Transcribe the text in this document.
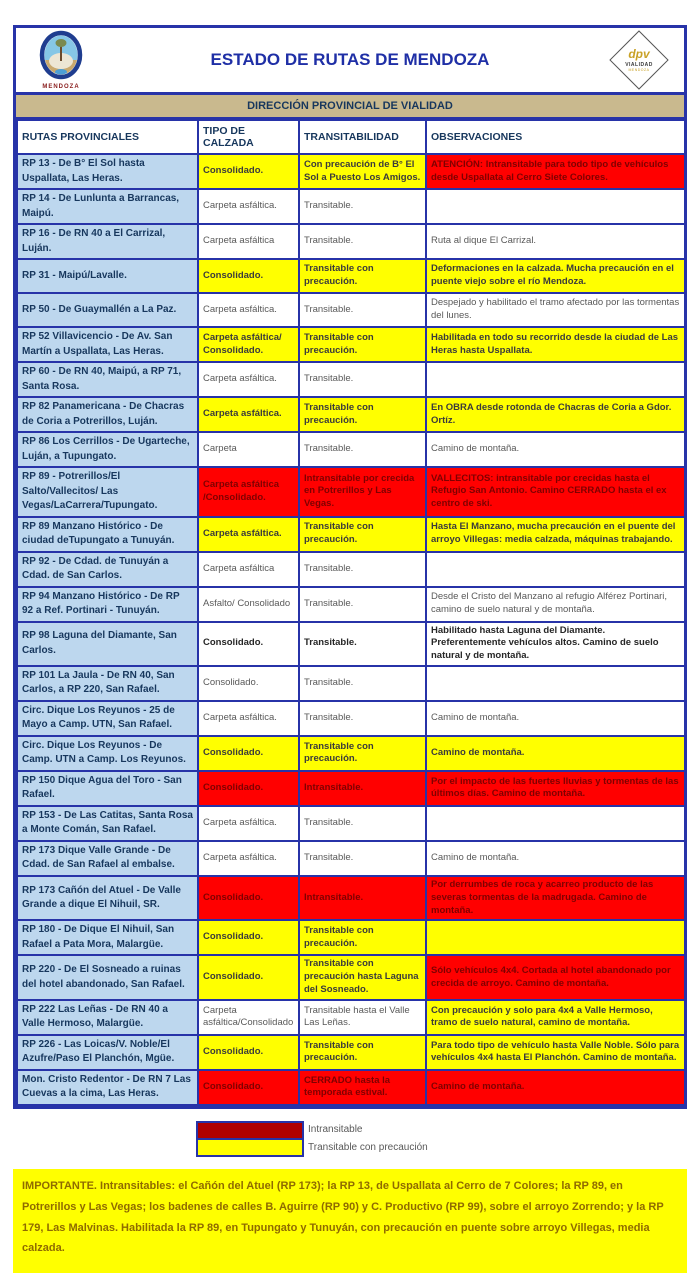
MENDOZA
ESTADO DE RUTAS DE MENDOZA	dpv
VIALIDAD
MENDOZA
DIRECCIÓN PROVINCIAL DE VIALIDAD
RUTAS PROVINCIALES	TIPO DE CALZADA	TRANSITABILIDAD	OBSERVACIONES
RP 13 - De B° El Sol hasta Uspallata, Las Heras.	Consolidado.	Con precaución de B° El Sol a Puesto Los Amigos.	ATENCIÓN: Intransitable para todo tipo de vehículos desde Uspallata al Cerro Siete Colores.
RP 14 - De Lunlunta a Barrancas, Maipú.	Carpeta asfáltica.	Transitable.	
RP 16 - De RN 40 a El Carrizal, Luján.	Carpeta asfáltica	Transitable.	Ruta al dique El Carrizal.
RP 31 - Maipú/Lavalle.	Consolidado.	Transitable con precaución.	Deformaciones en la calzada. Mucha precaución en el puente viejo sobre el río Mendoza.
RP 50 - De Guaymallén a La Paz.	Carpeta asfáltica.	Transitable.	Despejado y habilitado el tramo afectado por las tormentas del lunes.
RP 52 Villavicencio - De Av. San Martín a Uspallata, Las Heras.	Carpeta asfáltica/ Consolidado.	Transitable con precaución.	Habilitada en todo su recorrido desde la ciudad de Las Heras hasta Uspallata.
RP 60 - De RN 40, Maipú, a RP 71, Santa Rosa.	Carpeta asfáltica.	Transitable.	
RP 82 Panamericana - De Chacras de Coria a Potrerillos, Luján.	Carpeta asfáltica.	Transitable con precaución.	En OBRA desde rotonda de Chacras de Coria a Gdor. Ortíz.
RP 86 Los Cerrillos - De Ugarteche, Luján, a Tupungato.	Carpeta	Transitable.	Camino de montaña.
RP 89 - Potrerillos/El Salto/Vallecitos/ Las Vegas/LaCarrera/Tupungato.	Carpeta asfáltica /Consolidado.	Intransitable por crecida en Potrerillos y Las Vegas.	VALLECITOS: intransitable por crecidas hasta el Refugio San Antonio. Camino CERRADO hasta el ex centro de ski.
RP 89 Manzano Histórico - De ciudad deTupungato a Tunuyán.	Carpeta asfáltica.	Transitable con precaución.	Hasta El Manzano, mucha precaución en el puente del arroyo Villegas: media calzada, máquinas trabajando.
RP 92 - De Cdad. de Tunuyán a Cdad. de San Carlos.	Carpeta asfáltica	Transitable.	
RP 94 Manzano Histórico - De RP 92 a Ref. Portinari - Tunuyán.	Asfalto/ Consolidado	Transitable.	Desde el Cristo del Manzano al refugio Alférez Portinari, camino de suelo natural y de montaña.
RP 98 Laguna del Diamante, San Carlos.	Consolidado.	Transitable.	Habilitado hasta Laguna del Diamante. Preferentemente vehículos altos. Camino de suelo natural y de montaña.
RP 101 La Jaula - De RN 40, San Carlos, a RP 220, San Rafael.	Consolidado.	Transitable.	
Circ. Dique Los Reyunos - 25 de Mayo a Camp. UTN, San Rafael.	Carpeta asfáltica.	Transitable.	Camino de montaña.
Circ. Dique Los Reyunos - De Camp. UTN a Camp. Los Reyunos.	Consolidado.	Transitable con precaución.	Camino de montaña.
RP 150 Dique Agua del Toro - San Rafael.	Consolidado.	Intransitable.	Por el impacto de las fuertes lluvias y tormentas de las últimos días. Camino de montaña.
RP 153 - De Las Catitas, Santa Rosa a Monte Comán, San Rafael.	Carpeta asfáltica.	Transitable.	
RP 173 Dique Valle Grande - De Cdad. de San Rafael al embalse.	Carpeta asfáltica.	Transitable.	Camino de montaña.
RP 173 Cañón del Atuel - De Valle Grande a dique El Nihuil, SR.	Consolidado.	Intransitable.	Por derrumbes de roca y acarreo producto de las severas tormentas de la madrugada. Camino de montaña.
RP 180 - De Dique El Nihuil, San Rafael a Pata Mora, Malargüe.	Consolidado.	Transitable con precaución.	
RP 220 - De El Sosneado a ruinas del hotel abandonado, San Rafael.	Consolidado.	Transitable con precaución hasta Laguna del Sosneado.	Sólo vehículos 4x4. Cortada al hotel abandonado por crecida de arroyo. Camino de montaña.
RP 222 Las Leñas - De RN 40 a Valle Hermoso, Malargüe.	Carpeta asfáltica/Consolidado	Transitable hasta el Valle Las Leñas.	Con precaución y solo para 4x4 a Valle Hermoso, tramo de suelo natural, camino de montaña.
RP 226 - Las Loicas/V. Noble/El Azufre/Paso El Planchón, Mgüe.	Consolidado.	Transitable con precaución.	Para todo tipo de vehículo hasta Valle Noble. Sólo para vehículos 4x4 hasta El Planchón. Camino de montaña.
Mon. Cristo Redentor - De RN 7 Las Cuevas a la cima, Las Heras.	Consolidado.	CERRADO hasta la temporada estival.	Camino de montaña.
Intransitable
Transitable con precaución
IMPORTANTE. Intransitables: el Cañón del Atuel (RP 173); la RP 13, de Uspallata al Cerro de 7 Colores; la RP 89, en Potrerillos y Las Vegas; los badenes de calles B. Aguirre (RP 90) y C. Productivo (RP 99), sobre el arroyo Zorrendo; y la RP 179, Las Malvinas. Habilitada la RP 89, en Tupungato y Tunuyán, con precaución en puente sobre arroyo Villegas, media calzada.
